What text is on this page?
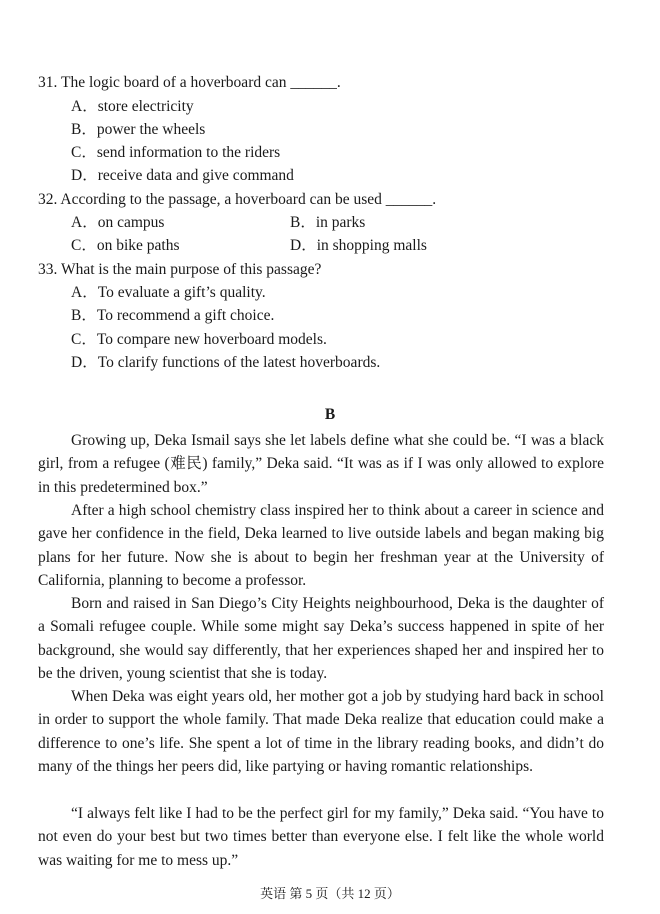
31. The logic board of a hoverboard can ______.
A．store electricity
B．power the wheels
C．send information to the riders
D．receive data and give command
32. According to the passage, a hoverboard can be used ______.
A．on campus	B．in parks
C．on bike paths	D．in shopping malls
33. What is the main purpose of this passage?
A．To evaluate a gift’s quality.
B．To recommend a gift choice.
C．To compare new hoverboard models.
D．To clarify functions of the latest hoverboards.
B
Growing up, Deka Ismail says she let labels define what she could be. “I was a black girl, from a refugee (难民) family,” Deka said. “It was as if I was only allowed to explore in this predetermined box.”
After a high school chemistry class inspired her to think about a career in science and gave her confidence in the field, Deka learned to live outside labels and began making big plans for her future. Now she is about to begin her freshman year at the University of California, planning to become a professor.
Born and raised in San Diego’s City Heights neighbourhood, Deka is the daughter of a Somali refugee couple. While some might say Deka’s success happened in spite of her background, she would say differently, that her experiences shaped her and inspired her to be the driven, young scientist that she is today.
When Deka was eight years old, her mother got a job by studying hard back in school in order to support the whole family. That made Deka realize that education could make a difference to one’s life. She spent a lot of time in the library reading books, and didn’t do many of the things her peers did, like partying or having romantic relationships.
“I always felt like I had to be the perfect girl for my family,” Deka said. “You have to not even do your best but two times better than everyone else. I felt like the whole world was waiting for me to mess up.”
英语 第 5 页（共 12 页）
